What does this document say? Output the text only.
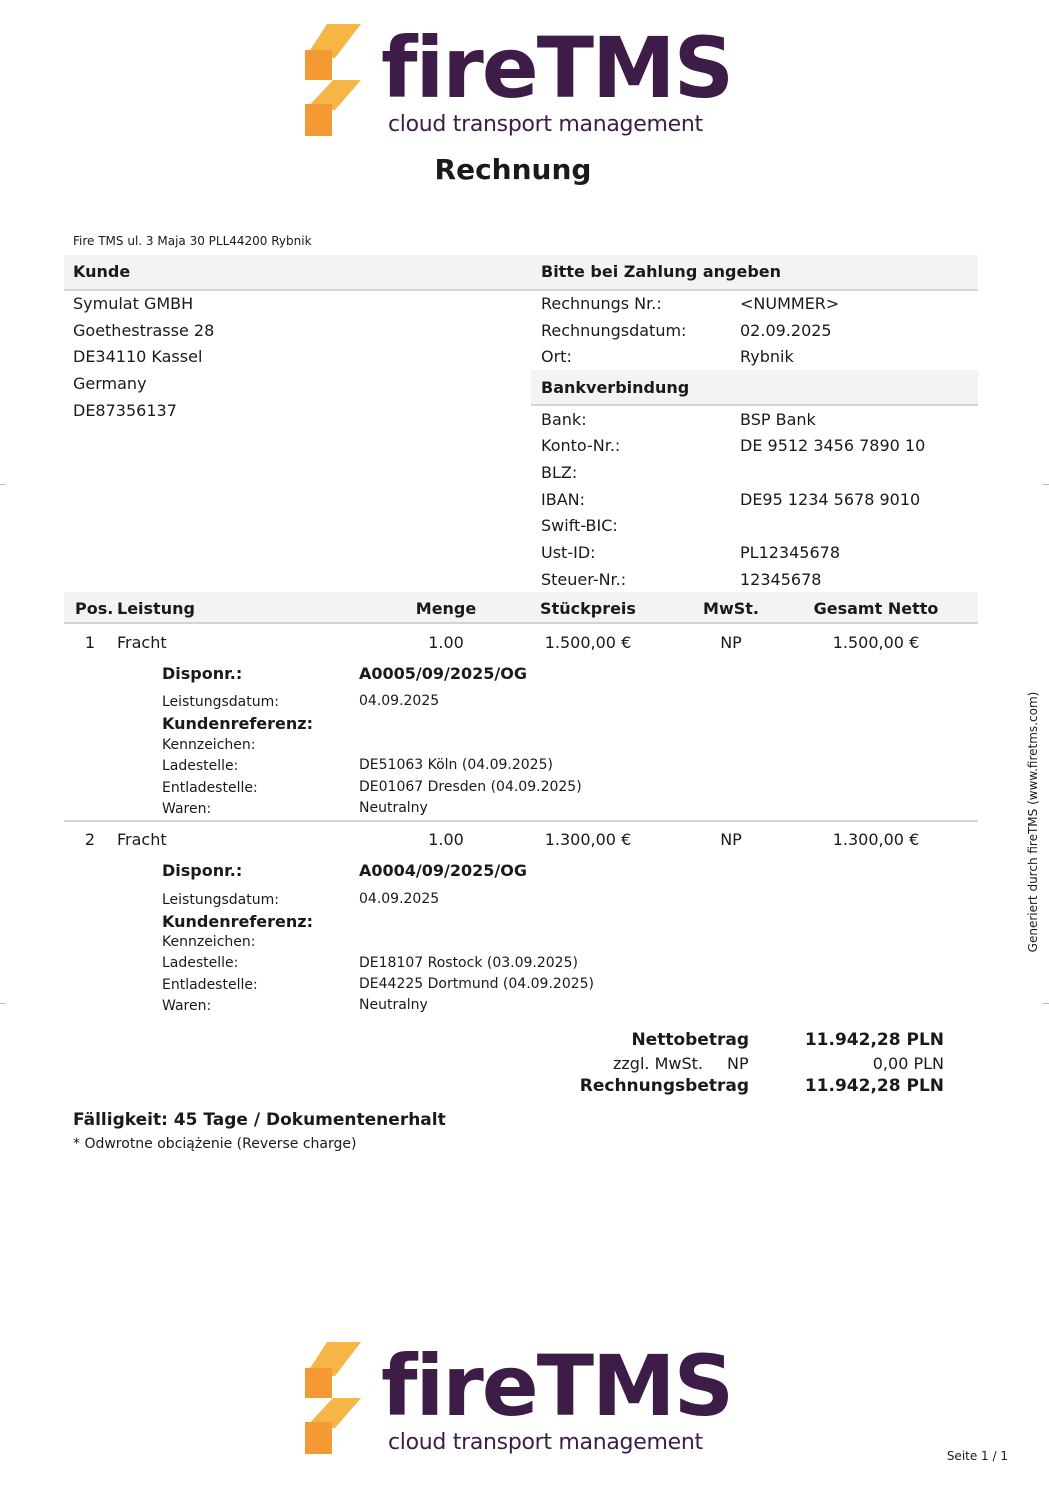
fireTMS
cloud transport management
Rechnung
Fire TMS ul. 3 Maja 30 PLL44200 Rybnik
Kunde	Bitte bei Zahlung angeben
Symulat GMBH
Goethestrasse 28
DE34110 Kassel
Germany
DE87356137
Rechnungs Nr.:	<NUMMER>
Rechnungsdatum:	02.09.2025
Ort:	Rybnik
Bankverbindung
Bank:	BSP Bank
Konto-Nr.:	DE 9512 3456 7890 10
BLZ:
IBAN:	DE95 1234 5678 9010
Swift-BIC:
Ust-ID:	PL12345678
Steuer-Nr.:	12345678
Pos. Leistung	Menge	Stückpreis	MwSt.	Gesamt Netto
1	Fracht	1.00	1.500,00 €	NP	1.500,00 €
Disponr.:	A0005/09/2025/OG
Leistungsdatum:	04.09.2025
Kundenreferenz:
Kennzeichen:
Ladestelle:	DE51063 Köln (04.09.2025)
Entladestelle:	DE01067 Dresden (04.09.2025)
Waren:	Neutralny
2	Fracht	1.00	1.300,00 €	NP	1.300,00 €
Disponr.:	A0004/09/2025/OG
Leistungsdatum:	04.09.2025
Kundenreferenz:
Kennzeichen:
Ladestelle:	DE18107 Rostock (03.09.2025)
Entladestelle:	DE44225 Dortmund (04.09.2025)
Waren:	Neutralny
Nettobetrag	11.942,28 PLN
zzgl. MwSt. NP	0,00 PLN
Rechnungsbetrag	11.942,28 PLN
Fälligkeit: 45 Tage / Dokumentenerhalt
* Odwrotne obciążenie (Reverse charge)
Generiert durch fireTMS (www.firetms.com)
fireTMS
cloud transport management
Seite 1 / 1
